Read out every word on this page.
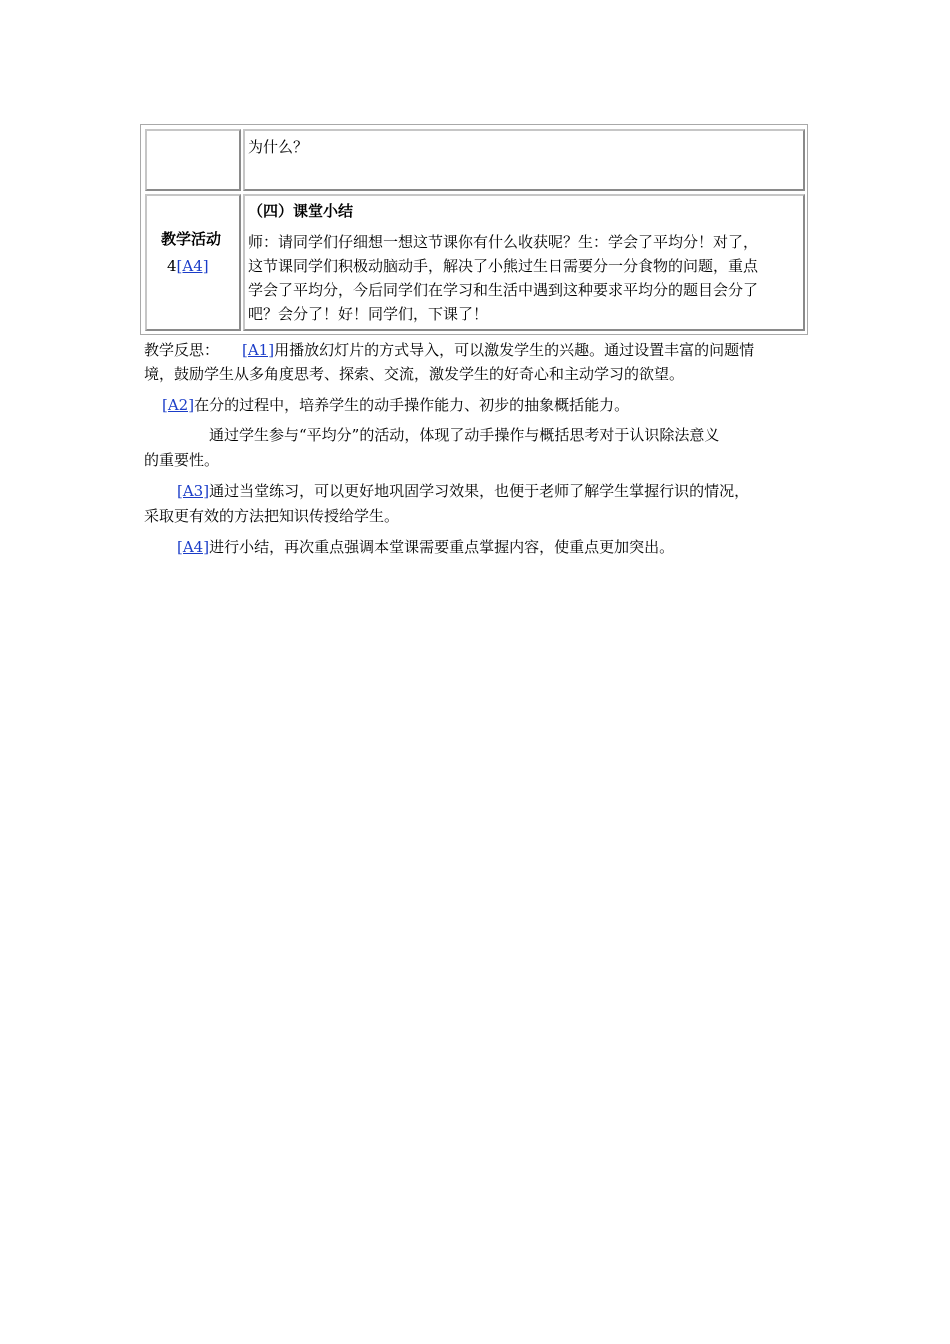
为什么？
教学活动
4[A4]
（四）课堂小结
师：请同学们仔细想一想这节课你有什么收获呢？生：学会了平均分！对了，
这节课同学们积极动脑动手，解决了小熊过生日需要分一分食物的问题，重点
学会了平均分，今后同学们在学习和生活中遇到这种要求平均分的题目会分了
吧？会分了！好！同学们，下课了！
教学反思： [A1]用播放幻灯片的方式导入，可以激发学生的兴趣。通过设置丰富的问题情
境，鼓励学生从多角度思考、探索、交流，激发学生的好奇心和主动学习的欲望。
[A2]在分的过程中，培养学生的动手操作能力、初步的抽象概括能力。
通过学生参与“平均分”的活动，体现了动手操作与概括思考对于认识除法意义
的重要性。
[A3]通过当堂练习，可以更好地巩固学习效果，也便于老师了解学生掌握行识的情况，
采取更有效的方法把知识传授给学生。
[A4]进行小结，再次重点强调本堂课需要重点掌握内容，使重点更加突出。
